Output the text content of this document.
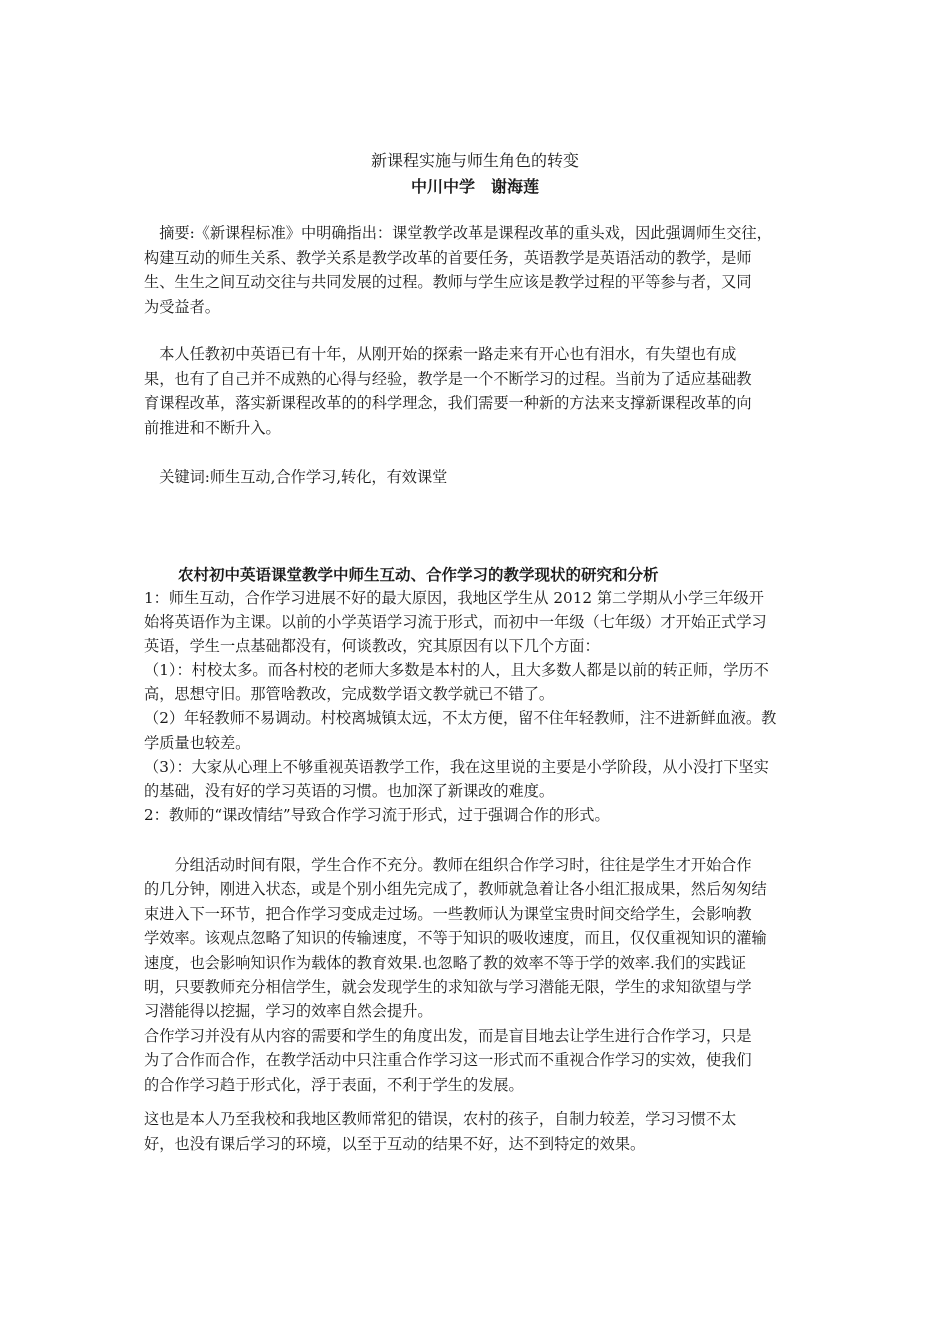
新课程实施与师生角色的转变
中川中学　谢海莲
　摘要:《新课程标准》中明确指出：课堂教学改革是课程改革的重头戏，因此强调师生交往，
构建互动的师生关系、教学关系是教学改革的首要任务，英语教学是英语活动的教学，是师
生、生生之间互动交往与共同发展的过程。教师与学生应该是教学过程的平等参与者，又同
为受益者。
　本人任教初中英语已有十年，从刚开始的探索一路走来有开心也有泪水，有失望也有成
果，也有了自己并不成熟的心得与经验，教学是一个不断学习的过程。当前为了适应基础教
育课程改革，落实新课程改革的的科学理念，我们需要一种新的方法来支撑新课程改革的向
前推进和不断升入。
　关键词:师生互动,合作学习,转化，有效课堂
农村初中英语课堂教学中师生互动、合作学习的教学现状的研究和分析
1：师生互动，合作学习进展不好的最大原因，我地区学生从 2012 第二学期从小学三年级开
始将英语作为主课。以前的小学英语学习流于形式，而初中一年级（七年级）才开始正式学习
英语，学生一点基础都没有，何谈教改，究其原因有以下几个方面：
（1）：村校太多。而各村校的老师大多数是本村的人，且大多数人都是以前的转正师，学历不
高，思想守旧。那管啥教改，完成数学语文教学就已不错了。
（2）年轻教师不易调动。村校离城镇太远，不太方便，留不住年轻教师，注不进新鲜血液。教
学质量也较差。
（3）：大家从心理上不够重视英语教学工作，我在这里说的主要是小学阶段，从小没打下坚实
的基础，没有好的学习英语的习惯。也加深了新课改的难度。
2：教师的“课改情结”导致合作学习流于形式，过于强调合作的形式。
　　分组活动时间有限，学生合作不充分。教师在组织合作学习时，往往是学生才开始合作
的几分钟，刚进入状态，或是个别小组先完成了，教师就急着让各小组汇报成果，然后匆匆结
束进入下一环节，把合作学习变成走过场。一些教师认为课堂宝贵时间交给学生，会影响教
学效率。该观点忽略了知识的传输速度，不等于知识的吸收速度，而且，仅仅重视知识的灌输
速度，也会影响知识作为载体的教育效果.也忽略了教的效率不等于学的效率.我们的实践证
明，只要教师充分相信学生，就会发现学生的求知欲与学习潜能无限，学生的求知欲望与学
习潜能得以挖掘，学习的效率自然会提升。
合作学习并没有从内容的需要和学生的角度出发，而是盲目地去让学生进行合作学习，只是
为了合作而合作，在教学活动中只注重合作学习这一形式而不重视合作学习的实效，使我们
的合作学习趋于形式化，浮于表面，不利于学生的发展。
这也是本人乃至我校和我地区教师常犯的错误，农村的孩子，自制力较差，学习习惯不太
好，也没有课后学习的环境，以至于互动的结果不好，达不到特定的效果。
